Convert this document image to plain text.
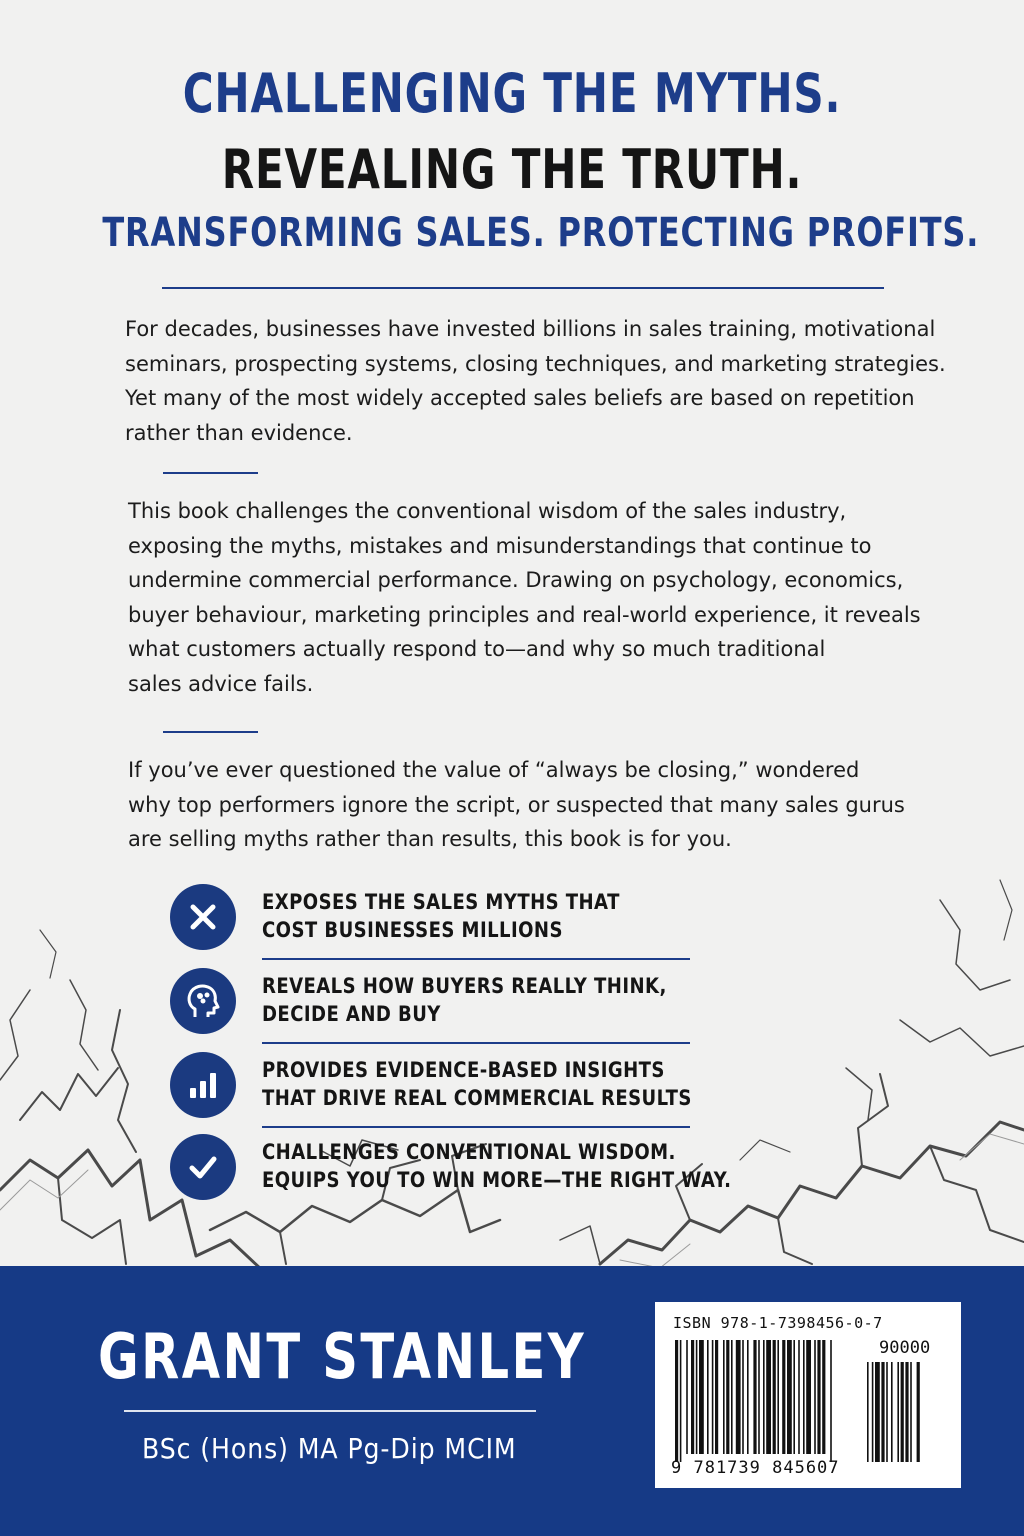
CHALLENGING THE MYTHS.
REVEALING THE TRUTH.
TRANSFORMING SALES. PROTECTING PROFITS.
For decades, businesses have invested billions in sales training, motivational
seminars, prospecting systems, closing techniques, and marketing strategies.
Yet many of the most widely accepted sales beliefs are based on repetition
rather than evidence.
This book challenges the conventional wisdom of the sales industry,
exposing the myths, mistakes and misunderstandings that continue to
undermine commercial performance. Drawing on psychology, economics,
buyer behaviour, marketing principles and real-world experience, it reveals
what customers actually respond to—and why so much traditional
sales advice fails.
If you’ve ever questioned the value of “always be closing,” wondered
why top performers ignore the script, or suspected that many sales gurus
are selling myths rather than results, this book is for you.
EXPOSES THE SALES MYTHS THAT
COST BUSINESSES MILLIONS
REVEALS HOW BUYERS REALLY THINK,
DECIDE AND BUY
PROVIDES EVIDENCE-BASED INSIGHTS
THAT DRIVE REAL COMMERCIAL RESULTS
CHALLENGES CONVENTIONAL WISDOM.
EQUIPS YOU TO WIN MORE—THE RIGHT WAY.
GRANT STANLEY
BSc (Hons) MA Pg-Dip MCIM
ISBN 978-1-7398456-0-7
90000
9 781739 845607
